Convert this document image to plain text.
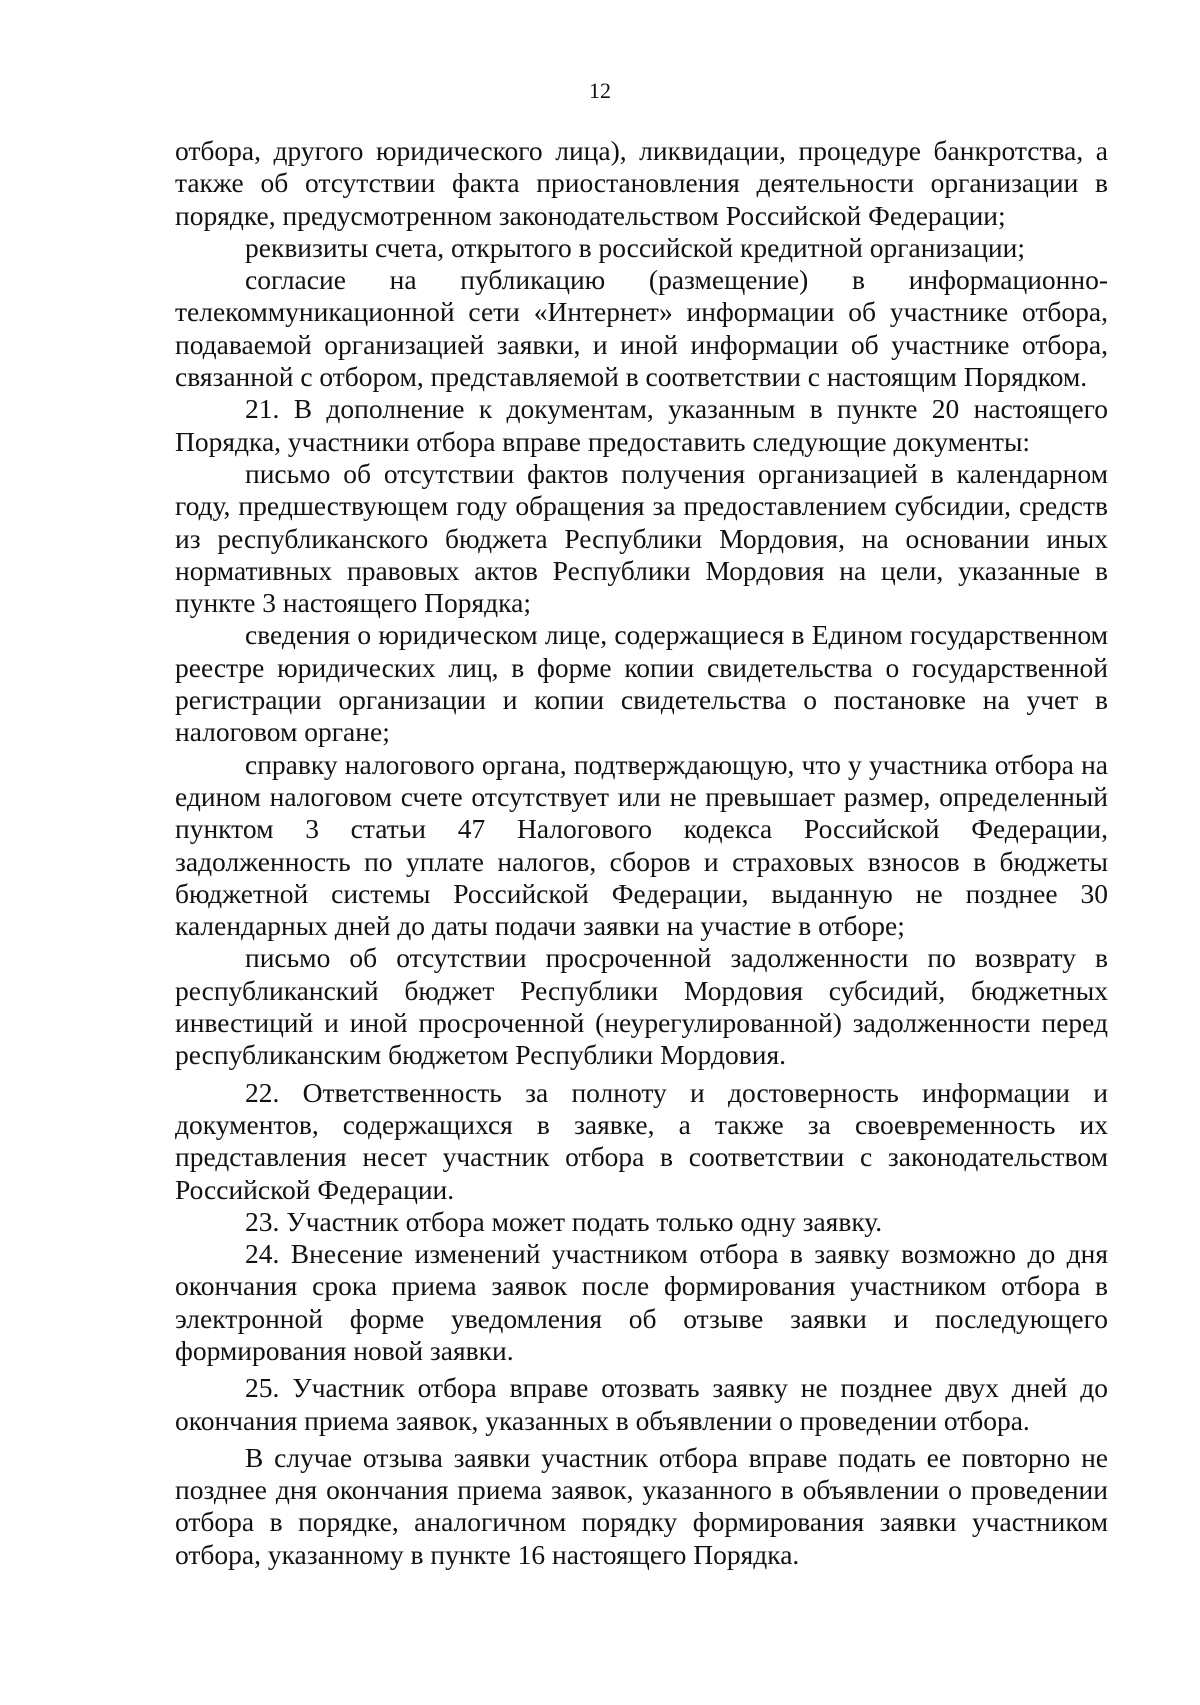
12

отбора, другого юридического лица), ликвидации, процедуре банкротства, а также об отсутствии факта приостановления деятельности организации в порядке, предусмотренном законодательством Российской Федерации;

реквизиты счета, открытого в российской кредитной организации;

согласие на публикацию (размещение) в информационно-телекоммуникационной сети «Интернет» информации об участнике отбора, подаваемой организацией заявки, и иной информации об участнике отбора, связанной с отбором, представляемой в соответствии с настоящим Порядком.

21. В дополнение к документам, указанным в пункте 20 настоящего Порядка, участники отбора вправе предоставить следующие документы:

письмо об отсутствии фактов получения организацией в календарном году, предшествующем году обращения за предоставлением субсидии, средств из республиканского бюджета Республики Мордовия, на основании иных нормативных правовых актов Республики Мордовия на цели, указанные в пункте 3 настоящего Порядка;

сведения о юридическом лице, содержащиеся в Едином государственном реестре юридических лиц, в форме копии свидетельства о государственной регистрации организации и копии свидетельства о постановке на учет в налоговом органе;

справку налогового органа, подтверждающую, что у участника отбора на едином налоговом счете отсутствует или не превышает размер, определенный пунктом 3 статьи 47 Налогового кодекса Российской Федерации, задолженность по уплате налогов, сборов и страховых взносов в бюджеты бюджетной системы Российской Федерации, выданную не позднее 30 календарных дней до даты подачи заявки на участие в отборе;

письмо об отсутствии просроченной задолженности по возврату в республиканский бюджет Республики Мордовия субсидий, бюджетных инвестиций и иной просроченной (неурегулированной) задолженности перед республиканским бюджетом Республики Мордовия.

22. Ответственность за полноту и достоверность информации и документов, содержащихся в заявке, а также за своевременность их представления несет участник отбора в соответствии с законодательством Российской Федерации.

23. Участник отбора может подать только одну заявку.

24. Внесение изменений участником отбора в заявку возможно до дня окончания срока приема заявок после формирования участником отбора в электронной форме уведомления об отзыве заявки и последующего формирования новой заявки.

25. Участник отбора вправе отозвать заявку не позднее двух дней до окончания приема заявок, указанных в объявлении о проведении отбора.

В случае отзыва заявки участник отбора вправе подать ее повторно не позднее дня окончания приема заявок, указанного в объявлении о проведении отбора в порядке, аналогичном порядку формирования заявки участником отбора, указанному в пункте 16 настоящего Порядка.
